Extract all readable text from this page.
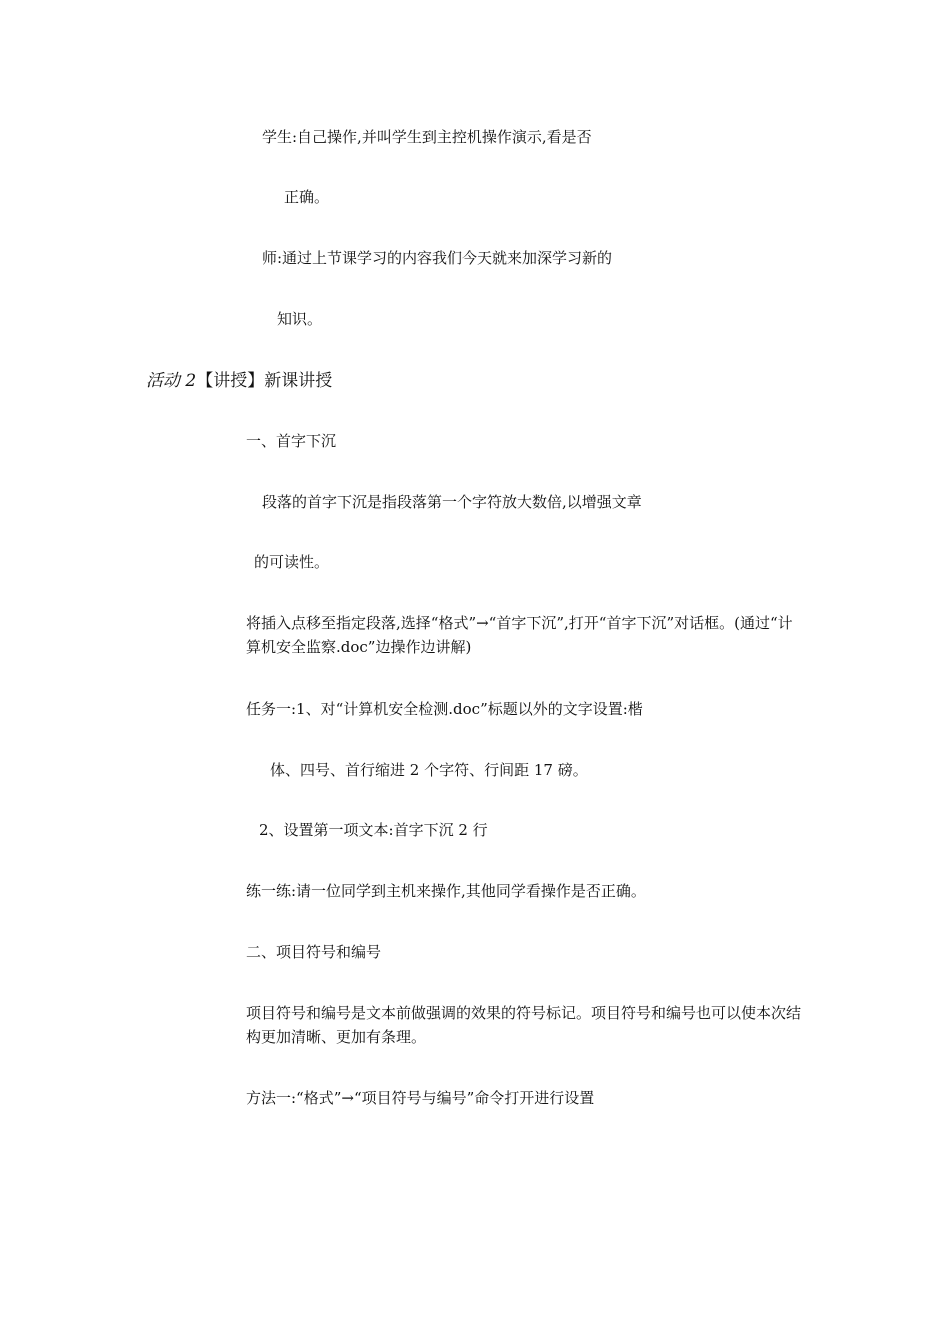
学生:自己操作,并叫学生到主控机操作演示,看是否
正确。
师:通过上节课学习的内容我们今天就来加深学习新的
知识。
活动 2【讲授】新课讲授
一、首字下沉
段落的首字下沉是指段落第一个字符放大数倍,以增强文章
的可读性。
将插入点移至指定段落,选择“格式”→“首字下沉”,打开“首字下沉”对话框。(通过“计算机安全监察.doc”边操作边讲解)
任务一:1、对“计算机安全检测.doc”标题以外的文字设置:楷
体、四号、首行缩进 2 个字符、行间距 17 磅。
2、设置第一项文本:首字下沉 2 行
练一练:请一位同学到主机来操作,其他同学看操作是否正确。
二、项目符号和编号
项目符号和编号是文本前做强调的效果的符号标记。项目符号和编号也可以使本次结构更加清晰、更加有条理。
方法一:“格式”→“项目符号与编号”命令打开进行设置
